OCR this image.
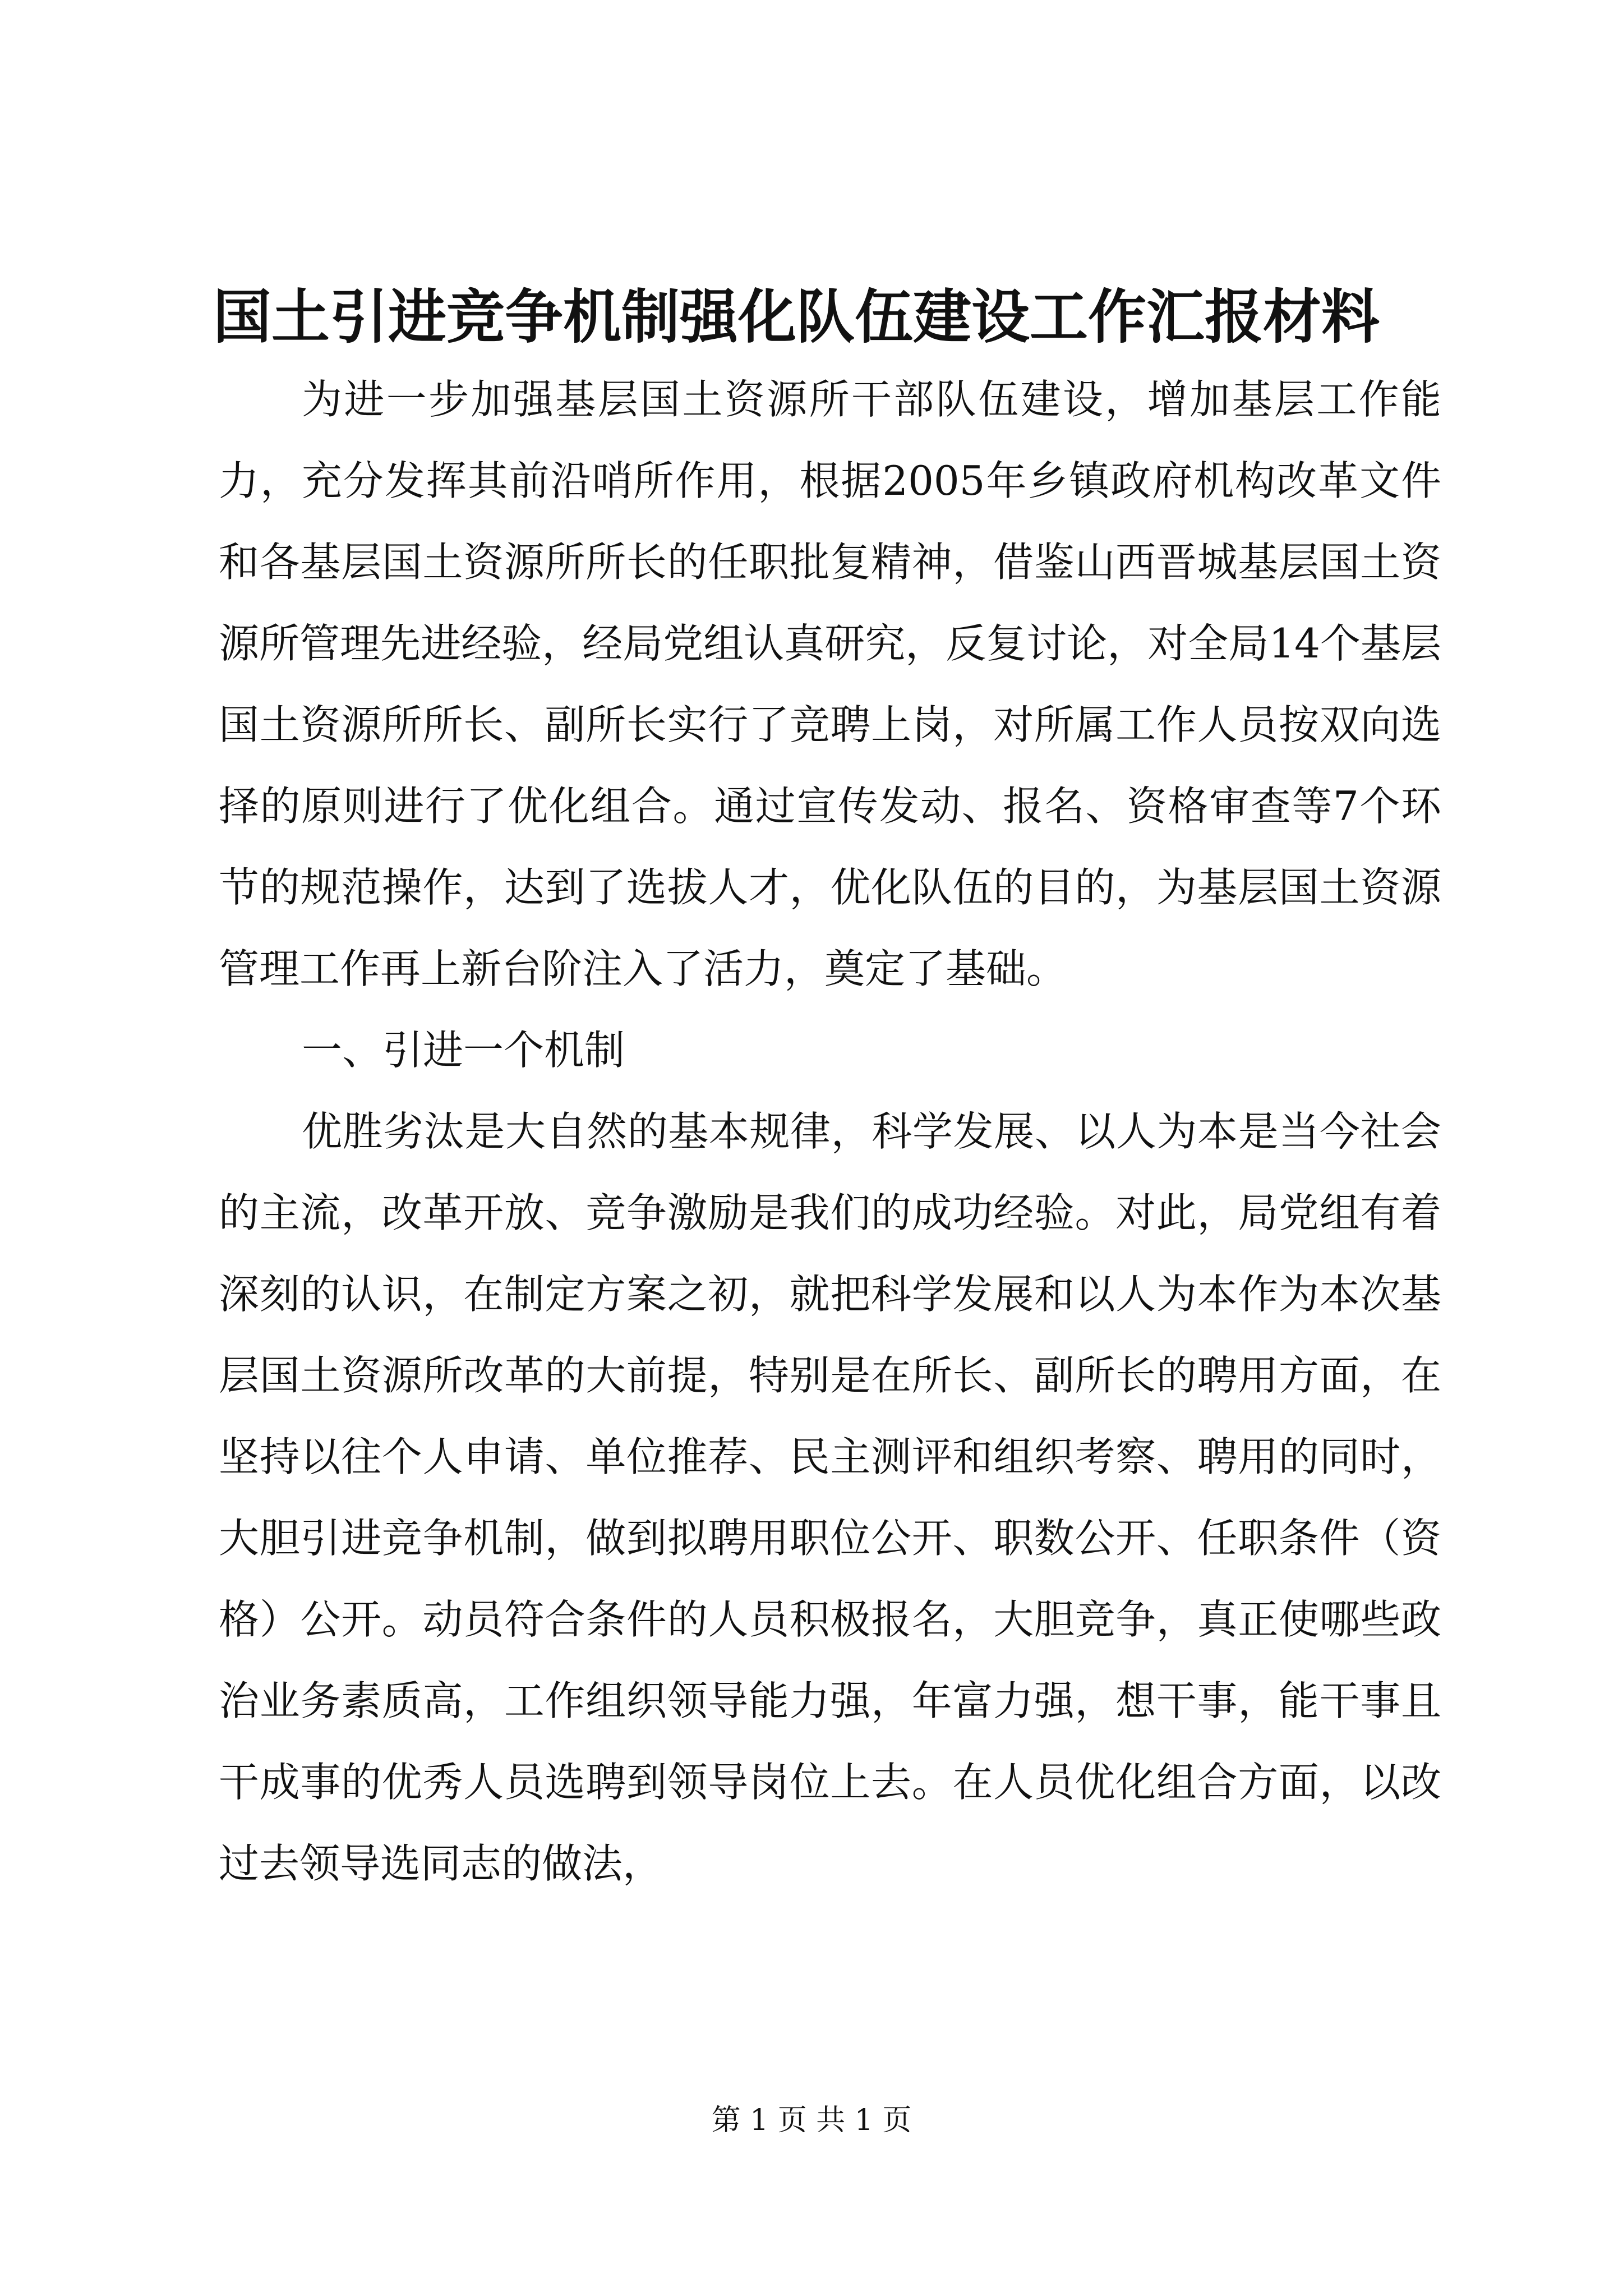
国土引进竞争机制强化队伍建设工作汇报材料

为进一步加强基层国土资源所干部队伍建设，增加基层工作能力，充分发挥其前沿哨所作用，根据2005年乡镇政府机构改革文件和各基层国土资源所所长的任职批复精神，借鉴山西晋城基层国土资源所管理先进经验，经局党组认真研究，反复讨论，对全局14个基层国土资源所所长、副所长实行了竞聘上岗，对所属工作人员按双向选择的原则进行了优化组合。通过宣传发动、报名、资格审查等7个环节的规范操作，达到了选拔人才，优化队伍的目的，为基层国土资源管理工作再上新台阶注入了活力，奠定了基础。

一、引进一个机制

优胜劣汰是大自然的基本规律，科学发展、以人为本是当今社会的主流，改革开放、竞争激励是我们的成功经验。对此，局党组有着深刻的认识，在制定方案之初，就把科学发展和以人为本作为本次基层国土资源所改革的大前提，特别是在所长、副所长的聘用方面，在坚持以往个人申请、单位推荐、民主测评和组织考察、聘用的同时，大胆引进竞争机制，做到拟聘用职位公开、职数公开、任职条件（资格）公开。动员符合条件的人员积极报名，大胆竞争，真正使哪些政治业务素质高，工作组织领导能力强，年富力强，想干事，能干事且干成事的优秀人员选聘到领导岗位上去。在人员优化组合方面，以改过去领导选同志的做法，

第 1 页 共 1 页
